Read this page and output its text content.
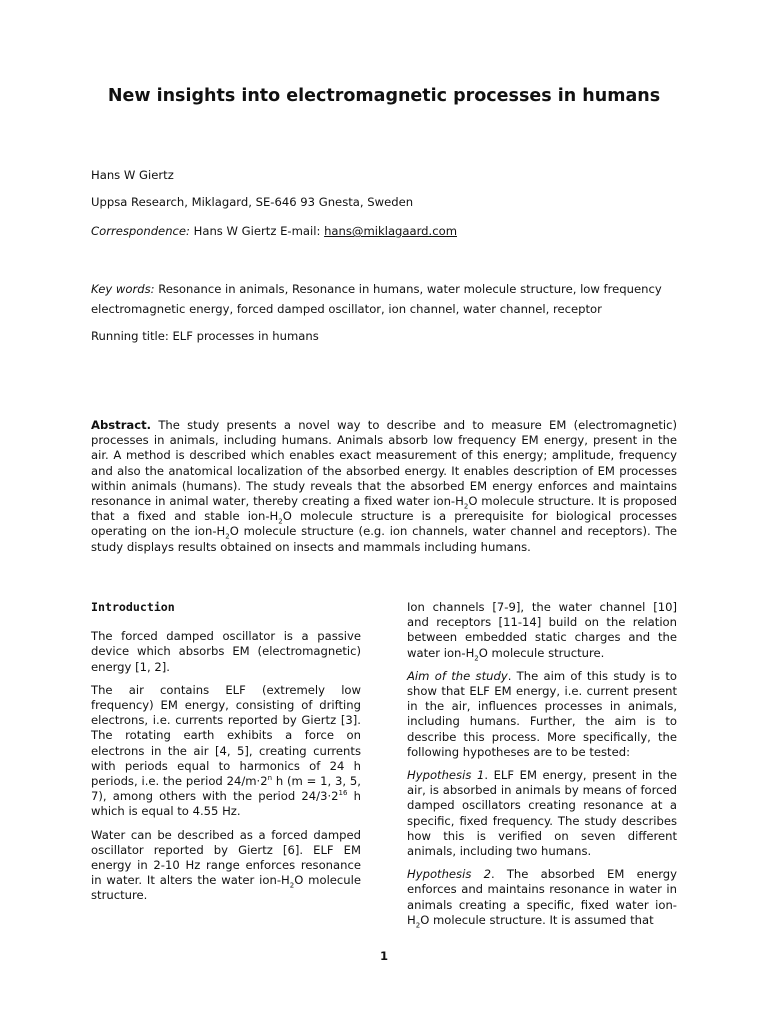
New insights into electromagnetic processes in humans
Hans W Giertz
Uppsa Research, Miklagard, SE-646 93 Gnesta, Sweden
Correspondence: Hans W Giertz E-mail: hans@miklagaard.com
Key words: Resonance in animals, Resonance in humans, water molecule structure, low frequency
electromagnetic energy, forced damped oscillator, ion channel, water channel, receptor
Running title: ELF processes in humans
Abstract. The study presents a novel way to describe and to measure EM (electromagnetic) processes in animals, including humans. Animals absorb low frequency EM energy, present in the air. A method is described which enables exact measurement of this energy; amplitude, frequency and also the anatomical localization of the absorbed energy. It enables description of EM processes within animals (humans). The study reveals that the absorbed EM energy enforces and maintains resonance in animal water, thereby creating a fixed water ion-$H_2O$ molecule structure. It is proposed that a fixed and stable ion-$H_2O$ molecule structure is a prerequisite for biological processes operating on the ion-$H_2O$ molecule structure (e.g. ion channels, water channel and receptors). The study displays results obtained on insects and mammals including humans.

Introduction

The forced damped oscillator is a passive device which absorbs EM (electromagnetic) energy [1, 2].

The air contains ELF (extremely low frequency) EM energy, consisting of drifting electrons, i.e. currents reported by Giertz [3]. The rotating earth exhibits a force on electrons in the air [4, 5], creating currents with periods equal to harmonics of 24 h periods, i.e. the period $24/m\cdot 2^n$ h (m = 1, 3, 5, 7), among others with the period $24/3\cdot 2^{16}$ h which is equal to 4.55 Hz.

Water can be described as a forced damped oscillator reported by Giertz [6]. ELF EM energy in 2-10 Hz range enforces resonance in water. It alters the water ion-$H_2O$ molecule structure.

Ion channels [7-9], the water channel [10] and receptors [11-14] build on the relation between embedded static charges and the water ion-$H_2O$ molecule structure.

Aim of the study. The aim of this study is to show that ELF EM energy, i.e. current present in the air, influences processes in animals, including humans. Further, the aim is to describe this process. More specifically, the following hypotheses are to be tested:

Hypothesis 1. ELF EM energy, present in the air, is absorbed in animals by means of forced damped oscillators creating resonance at a specific, fixed frequency. The study describes how this is verified on seven different animals, including two humans.

Hypothesis 2. The absorbed EM energy enforces and maintains resonance in water in animals creating a specific, fixed water ion-$H_2O$ molecule structure. It is assumed that

1
